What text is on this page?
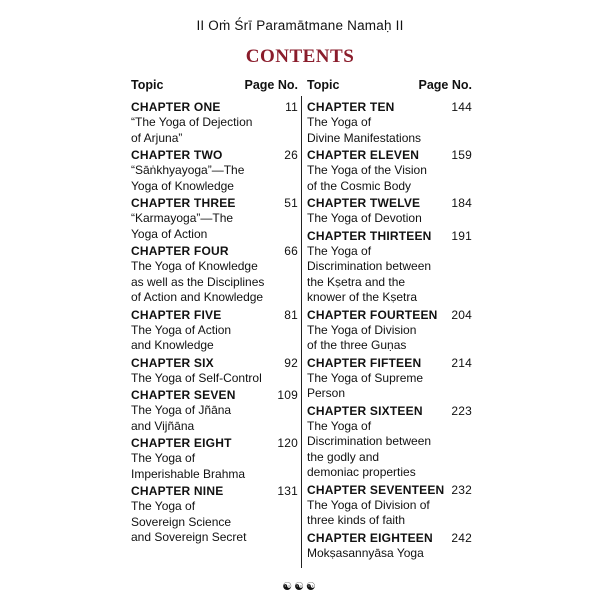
II Oṁ Śrī Paramātmane Namaḥ II
CONTENTS
Topic	Page No.
CHAPTER ONE	11
“The Yoga of Dejection
of Arjuna”
CHAPTER TWO	26
“Sāṅkhyayoga”—The
Yoga of Knowledge
CHAPTER THREE	51
“Karmayoga”—The
Yoga of Action
CHAPTER FOUR	66
The Yoga of Knowledge
as well as the Disciplines
of Action and Knowledge
CHAPTER FIVE	81
The Yoga of Action
and Knowledge
CHAPTER SIX	92
The Yoga of Self-Control
CHAPTER SEVEN	109
The Yoga of Jñāna
and Vijñāna
CHAPTER EIGHT	120
The Yoga of
Imperishable Brahma
CHAPTER NINE	131
The Yoga of
Sovereign Science
and Sovereign Secret
Topic	Page No.
CHAPTER TEN	144
The Yoga of
Divine Manifestations
CHAPTER ELEVEN	159
The Yoga of the Vision
of the Cosmic Body
CHAPTER TWELVE	184
The Yoga of Devotion
CHAPTER THIRTEEN 191
The Yoga of
Discrimination between
the Kṣetra and the
knower of the Kṣetra
CHAPTER FOURTEEN 204
The Yoga of Division
of the three Guṇas
CHAPTER FIFTEEN	214
The Yoga of Supreme
Person
CHAPTER SIXTEEN 223
The Yoga of
Discrimination between
the godly and
demoniac properties
CHAPTER SEVENTEEN 232
The Yoga of Division of
three kinds of faith
CHAPTER EIGHTEEN 242
Mokṣasannyāsa Yoga
☯☯☯
